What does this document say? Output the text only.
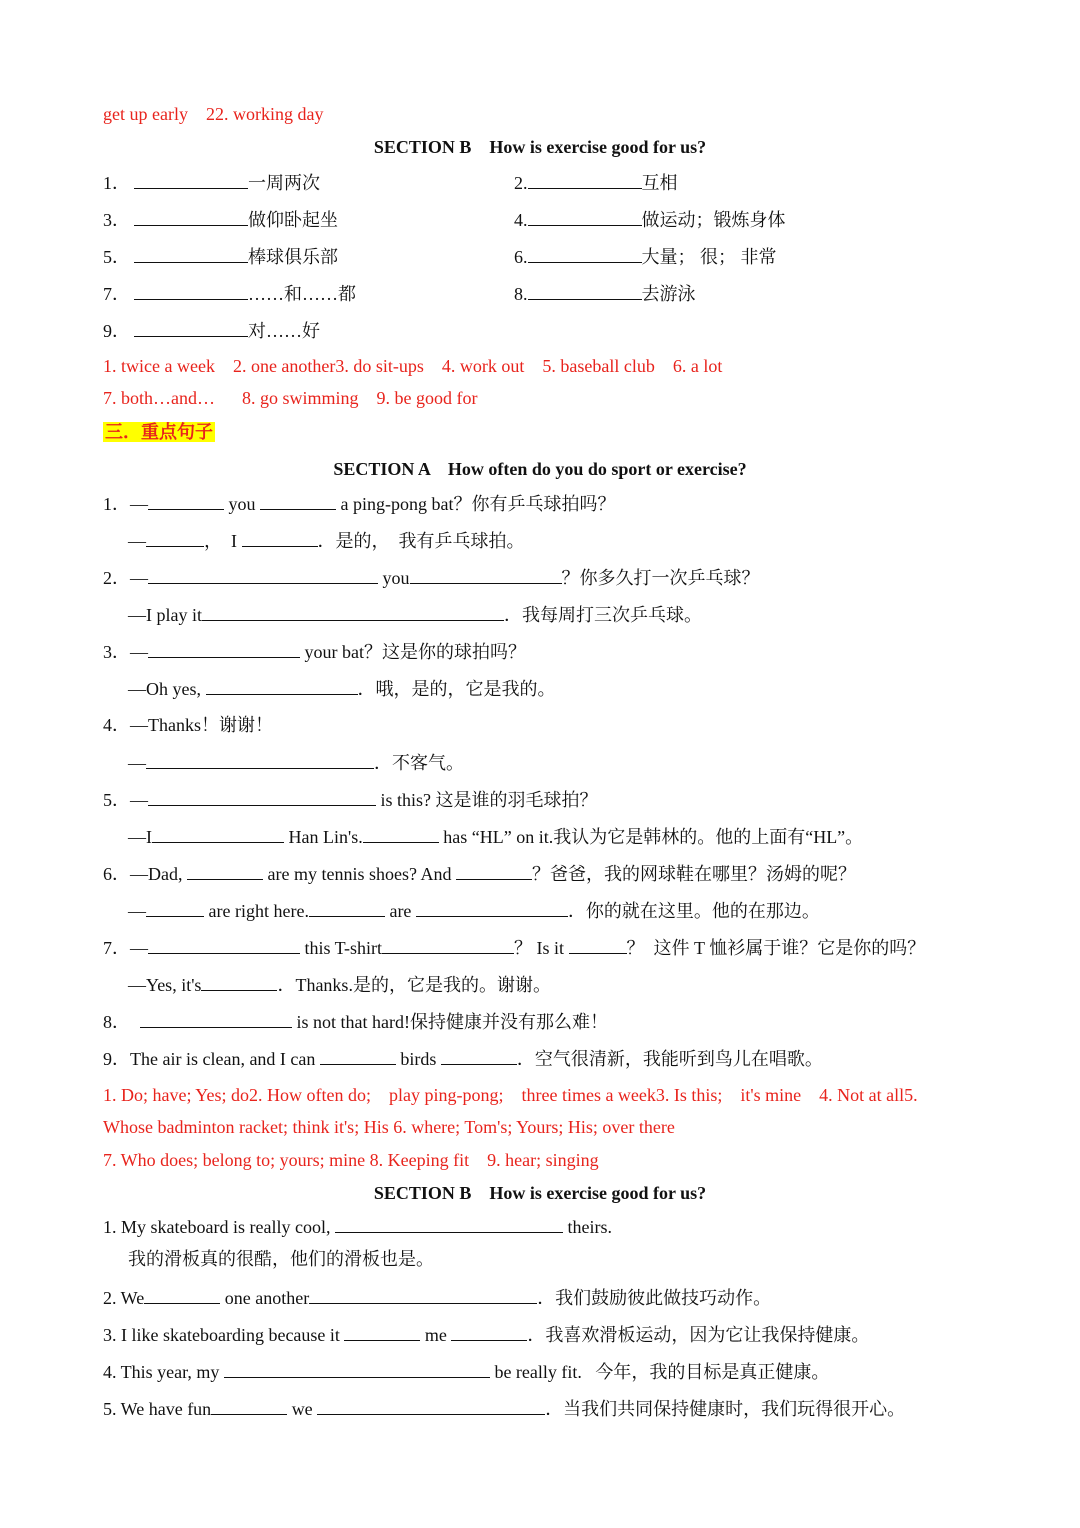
get up early    22. working day
SECTION B    How is exercise good for us?
1．	一周两次	2.	互相
3．	做仰卧起坐	4.	做运动；锻炼身体
5．	棒球俱乐部	6.	大量； 很； 非常
7．	……和……都	8.	去游泳
9．	对……好
1. twice a week    2. one another3. do sit-ups    4. work out    5. baseball club    6. a lot
7. both…and…      8. go swimming    9. be good for
三．重点句子
SECTION A    How often do you do sport or exercise?
1．—	you	a ping-pong bat？你有乒乓球拍吗？
—	，  I	．是的，  我有乒乓球拍。
2．—	you	？你多久打一次乒乓球？
—I play it	．我每周打三次乒乓球。
3．—	your bat？这是你的球拍吗？
—Oh yes,	．哦，是的，它是我的。
4．—Thanks！谢谢！
—	．不客气。
5．—	is this? 这是谁的羽毛球拍？
—I	Han Lin's.	has “HL” on it.我认为它是韩林的。他的上面有“HL”。
6．—Dad,	are my tennis shoes? And	？爸爸，我的网球鞋在哪里？汤姆的呢？
—	are right here.	are	．你的就在这里。他的在那边。
7．—	this T-shirt	？ Is it	？  这件 T 恤衫属于谁？它是你的吗？
—Yes, it's	．Thanks.是的，它是我的。谢谢。
8．	is not that hard!保持健康并没有那么难！
9．The air is clean, and I can	birds	．空气很清新，我能听到鸟儿在唱歌。
1. Do; have; Yes; do2. How often do;    play ping-pong;    three times a week3. Is this;    it's mine    4. Not at all5.
Whose badminton racket; think it's; His 6. where; Tom's; Yours; His; over there
7. Who does; belong to; yours; mine 8. Keeping fit    9. hear; singing
SECTION B    How is exercise good for us?
1. My skateboard is really cool,	theirs.
我的滑板真的很酷，他们的滑板也是。
2. We	one another	．我们鼓励彼此做技巧动作。
3. I like skateboarding because it	me	．我喜欢滑板运动，因为它让我保持健康。
4. This year, my	be really fit.   今年，我的目标是真正健康。
5. We have fun	we	．当我们共同保持健康时，我们玩得很开心。
